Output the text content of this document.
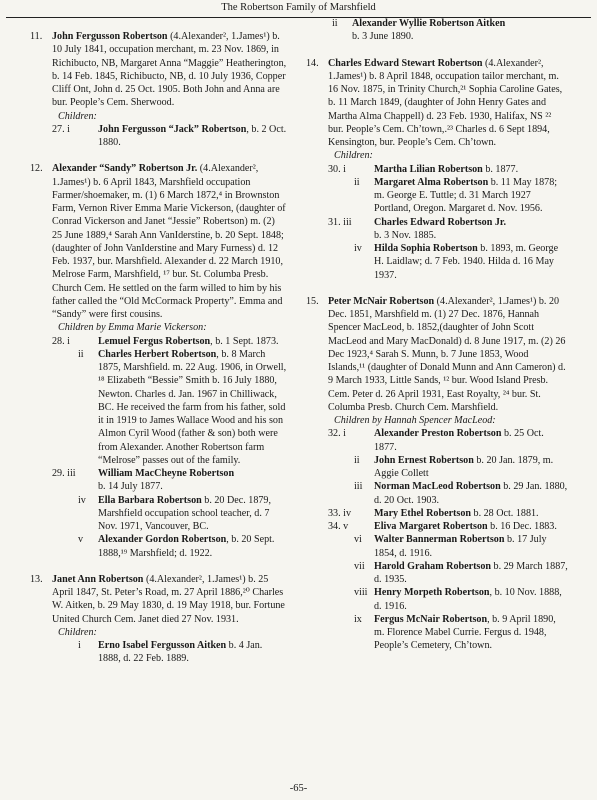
The Robertson Family of Marshfield
11. John Fergusson Robertson (4.Alexander², 1.James¹) b. 10 July 1841, occupation merchant, m. 23 Nov. 1869, in Richibucto, NB, Margaret Anna “Maggie” Heatherington, b. 14 Feb. 1845, Richibucto, NB, d. 10 July 1936, Copper Cliff Ont, John d. 25 Oct. 1905. Both John and Anna are bur. People’s Cem. Sherwood.
Children:
27. i	John Fergusson “Jack” Robertson, b. 2 Oct. 1880.
12. Alexander “Sandy” Robertson Jr. (4.Alexander², 1.James¹) b. 6 April 1843, Marshfield occupation Farmer/shoemaker, m. (1) 6 March 1872,⁴ in Brownston Farm, Vernon River Emma Marie Vickerson, (daughter of Conrad Vickerson and Janet “Jessie” Robertson) m. (2) 25 June 1889,⁴ Sarah Ann VanIderstine, b. 20 Sept. 1848; (daughter of John VanIderstine and Mary Furness) d. 12 Feb. 1937, bur. Marshfield. Alexander d. 22 March 1910, Melrose Farm, Marshfield, ¹⁷ bur. St. Columba Presb. Church Cem. He settled on the farm willed to him by his father called the “Old McCormack Property”. Emma and “Sandy” were first cousins.
Children by Emma Marie Vickerson:
28. i	Lemuel Fergus Robertson, b. 1 Sept. 1873.
ii Charles Herbert Robertson, b. 8 March 1875, Marshfield. m. 22 Aug. 1906, in Orwell, ¹⁸ Elizabeth “Bessie” Smith b. 16 July 1880, Newton. Charles d. Jan. 1967 in Chilliwack, BC. He received the farm from his father, sold it in 1919 to James Wallace Wood and his son Almon Cyril Wood (father & son) both were from Alexander. Another Robertson farm “Melrose” passes out of the family.
29. iii William MacCheyne Robertson
b. 14 July 1877.
iv Ella Barbara Robertson b. 20 Dec. 1879, Marshfield occupation school teacher, d. 7 Nov. 1971, Vancouver, BC.
v Alexander Gordon Robertson, b. 20 Sept. 1888,¹⁹ Marshfield; d. 1922.
13. Janet Ann Robertson (4.Alexander², 1.James¹) b. 25 April 1847, St. Peter’s Road, m. 27 April 1886,²⁰ Charles W. Aitken, b. 29 May 1830, d. 19 May 1918, bur. Fortune United Church Cem. Janet died 27 Nov. 1931.
Children:
i Erno Isabel Fergusson Aitken b. 4 Jan. 1888, d. 22 Feb. 1889.
ii Alexander Wyllie Robertson Aitken
b. 3 June 1890.
14. Charles Edward Stewart Robertson (4.Alexander², 1.James¹) b. 8 April 1848, occupation tailor merchant, m. 16 Nov. 1875, in Trinity Church,²¹ Sophia Caroline Gates, b. 11 March 1849, (daughter of John Henry Gates and Martha Alma Chappell) d. 23 Feb. 1930, Halifax, NS ²² bur. People’s Cem. Ch’town,.²³ Charles d. 6 Sept 1894, Kensington, bur. People’s Cem. Ch’town.
Children:
30. i	Martha Lilian Robertson b. 1877.
ii Margaret Alma Robertson b. 11 May 1878; m. George E. Tuttle; d. 31 March 1927 Portland, Oregon. Margaret d. Nov. 1956.
31. iii Charles Edward Robertson Jr.
b. 3 Nov. 1885.
iv Hilda Sophia Robertson b. 1893, m. George H. Laidlaw; d. 7 Feb. 1940. Hilda d. 16 May 1937.
15. Peter McNair Robertson (4.Alexander², 1.James¹) b. 20 Dec. 1851, Marshfield m. (1) 27 Dec. 1876, Hannah Spencer MacLeod, b. 1852,(daughter of John Scott MacLeod and Mary MacDonald) d. 8 June 1917, m. (2) 26 Dec 1923,⁴ Sarah S. Munn, b. 7 June 1853, Wood Islands,¹¹ (daughter of Donald Munn and Ann Cameron) d. 9 March 1933, Little Sands, ¹² bur. Wood Island Presb. Cem. Peter d. 26 April 1931, East Royalty, ²⁴ bur. St. Columba Presb. Church Cem. Marshfield.
Children by Hannah Spencer MacLeod:
32. i	Alexander Preston Robertson b. 25 Oct. 1877.
ii John Ernest Robertson b. 20 Jan. 1879, m. Aggie Collett
iii Norman MacLeod Robertson b. 29 Jan. 1880, d. 20 Oct. 1903.
33. iv Mary Ethel Robertson b. 28 Oct. 1881.
34. v	Eliva Margaret Robertson b. 16 Dec. 1883.
vi Walter Bannerman Robertson b. 17 July 1854, d. 1916.
vii Harold Graham Robertson b. 29 March 1887, d. 1935.
viii Henry Morpeth Robertson, b. 10 Nov. 1888, d. 1916.
ix Fergus McNair Robertson, b. 9 April 1890, m. Florence Mabel Currie. Fergus d. 1948, People’s Cemetery, Ch’town.
-65-
